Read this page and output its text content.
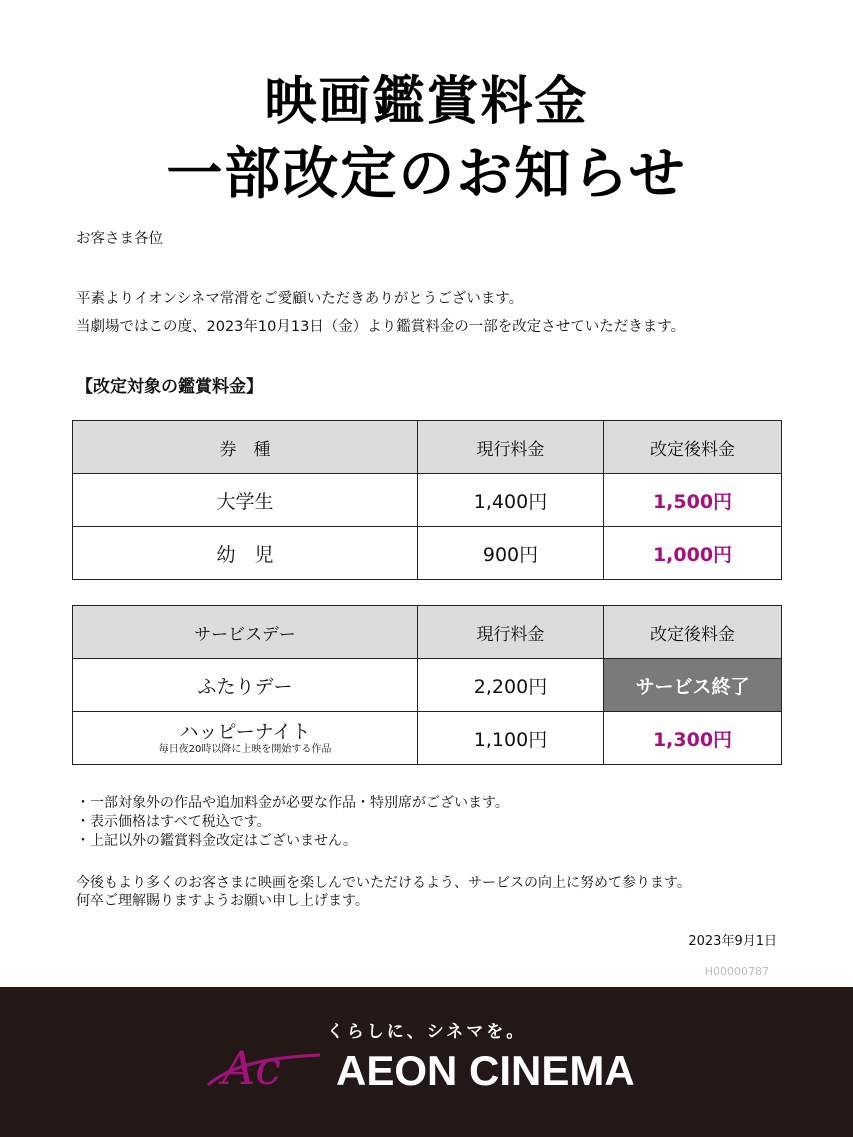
映画鑑賞料金
一部改定のお知らせ
お客さま各位
平素よりイオンシネマ常滑をご愛顧いただきありがとうございます。
当劇場ではこの度、2023年10月13日（金）より鑑賞料金の一部を改定させていただきます。
【改定対象の鑑賞料金】
券　種	現行料金	改定後料金
大学生	1,400円	1,500円
幼　児	900円	1,000円
サービスデー	現行料金	改定後料金
ふたりデー	2,200円	サービス終了

ハッピーナイト
毎日夜20時以降に上映を開始する作品	1,100円	1,300円
・一部対象外の作品や追加料金が必要な作品・特別席がございます。
・表示価格はすべて税込です。
・上記以外の鑑賞料金改定はございません。
今後もより多くのお客さまに映画を楽しんでいただけるよう、サービスの向上に努めて参ります。
何卒ご理解賜りますようお願い申し上げます。
2023年9月1日
H00000787
くらしに、シネマを。
Ac AEON CINEMA
